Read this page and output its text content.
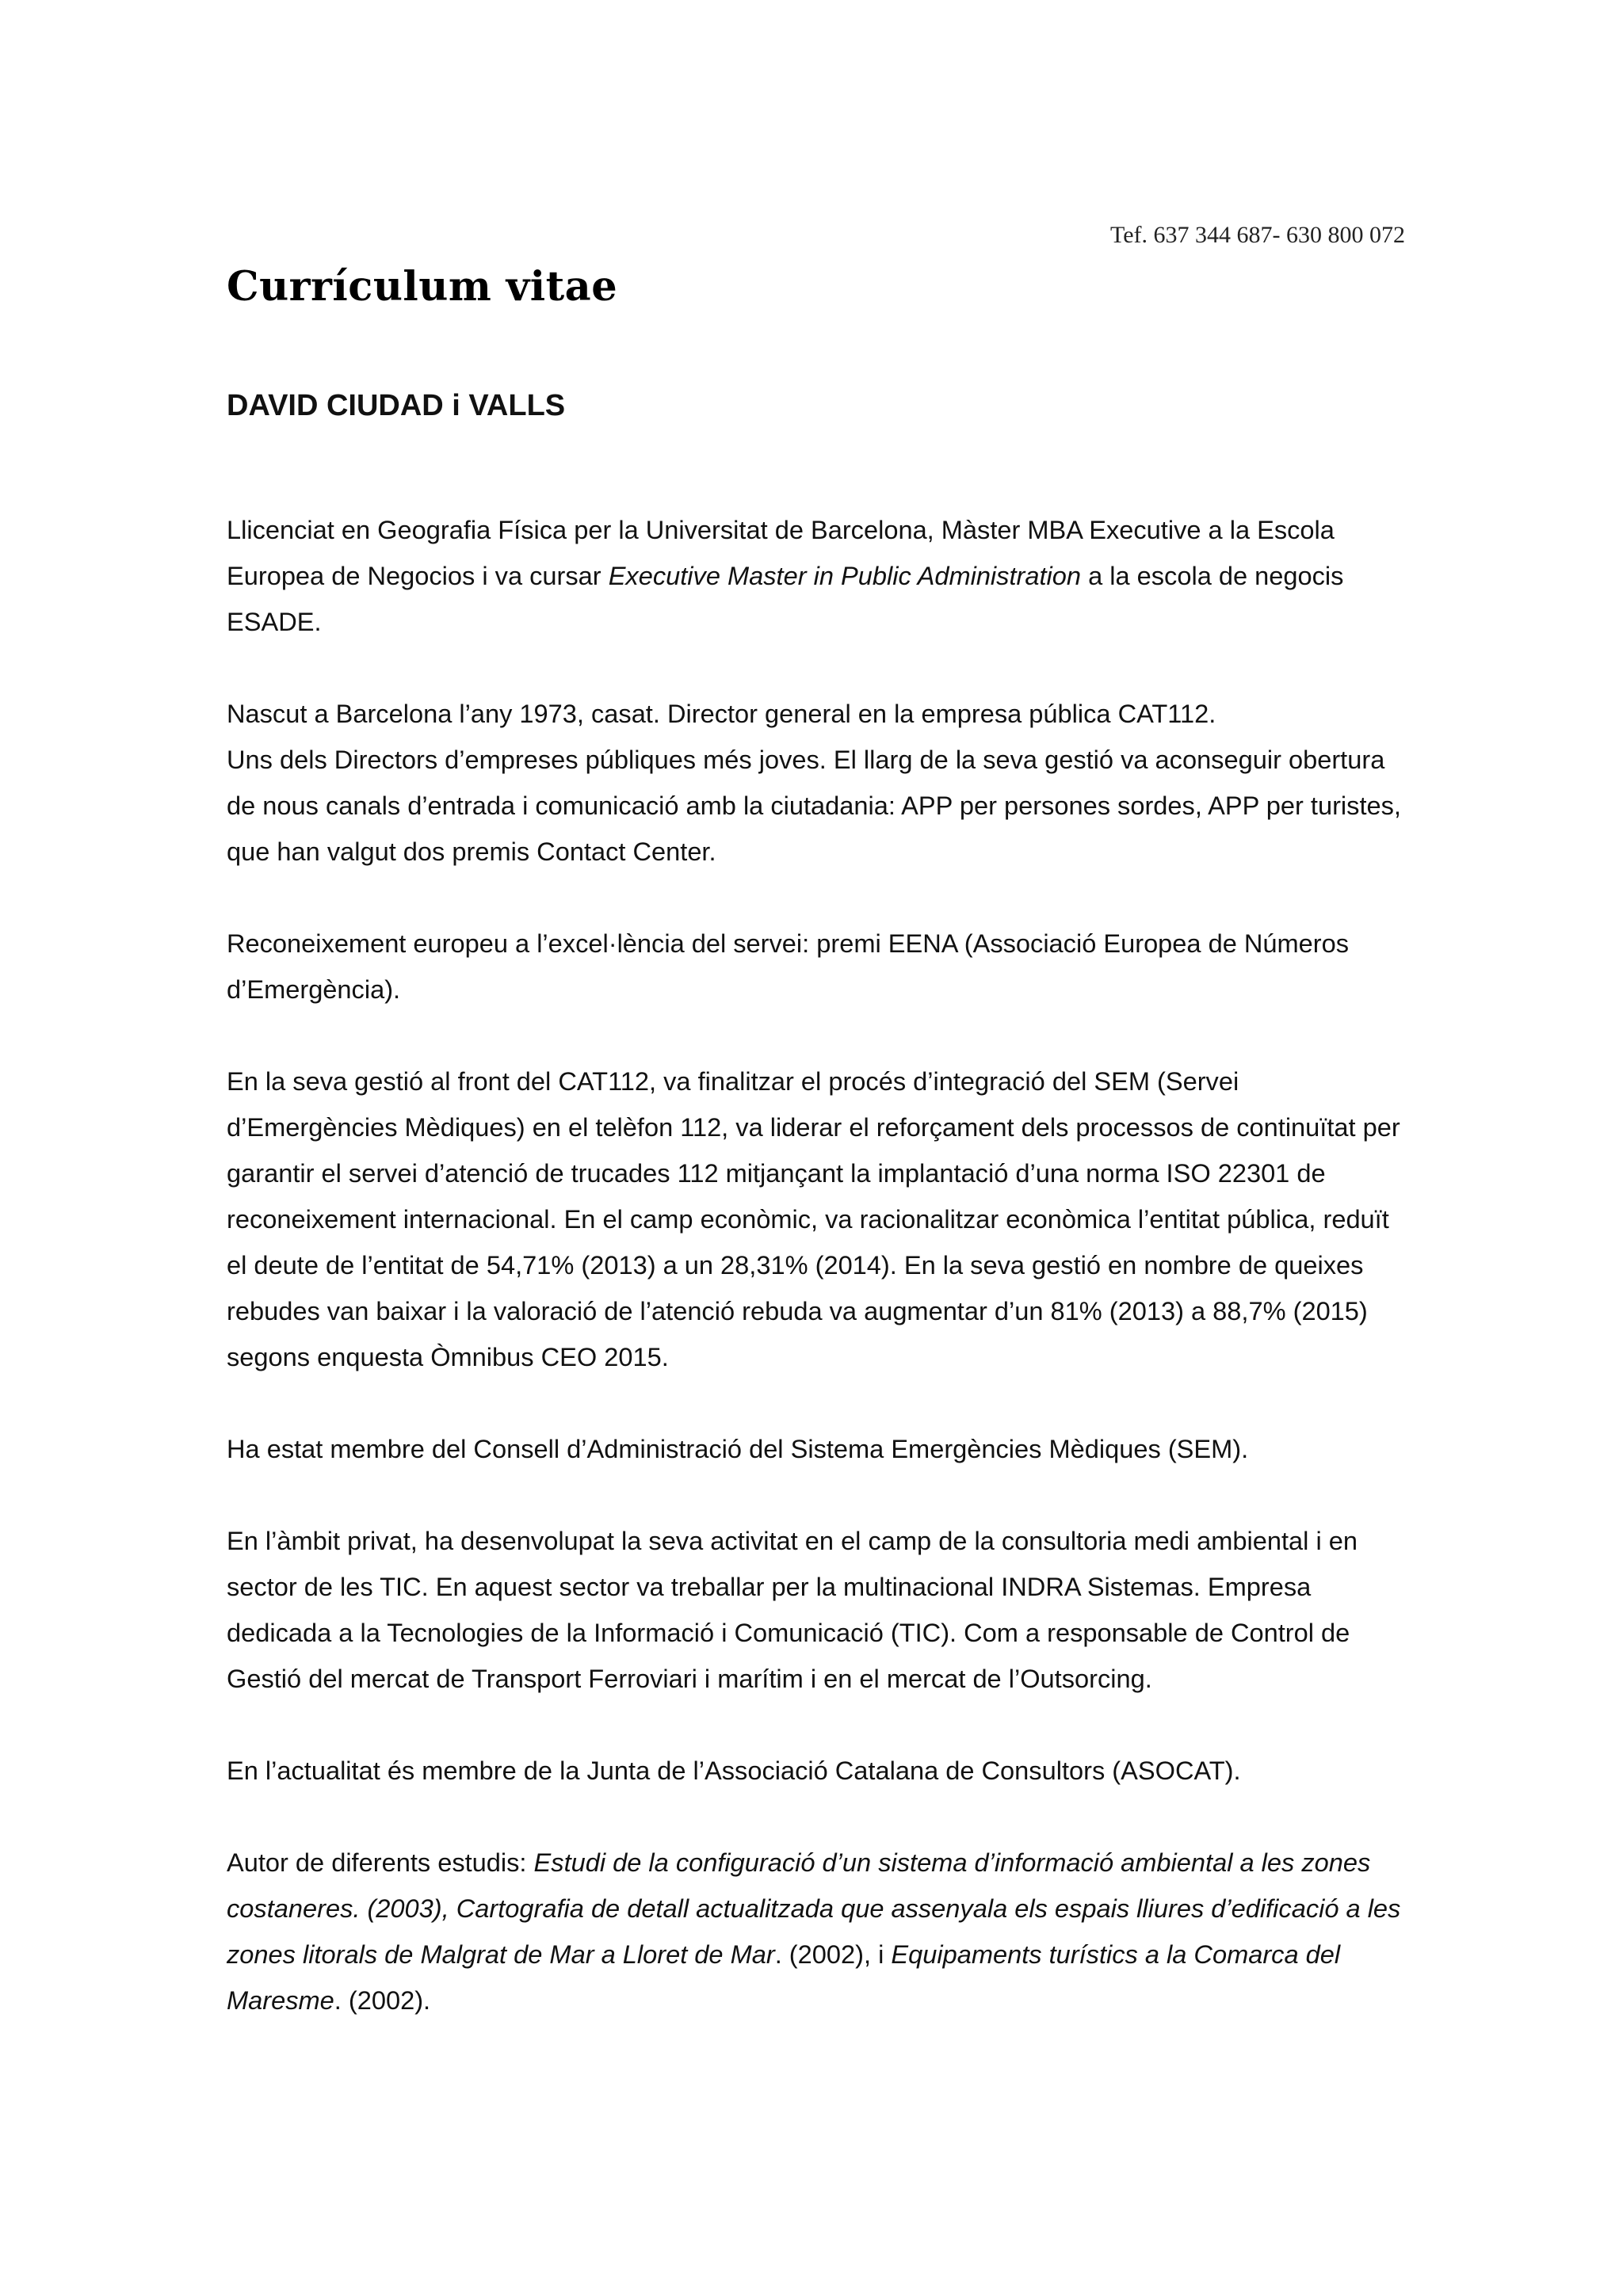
Tef. 637 344 687- 630 800 072
Currículum vitae
DAVID CIUDAD i VALLS

Llicenciat en Geografia Física per la Universitat de Barcelona, Màster MBA Executive a la Escola Europea de Negocios i va cursar Executive Master in Public Administration a la escola de negocis ESADE.

Nascut a Barcelona l’any 1973, casat. Director general en la empresa pública CAT112.

Uns dels Directors d’empreses públiques més joves. El llarg de la seva gestió va aconseguir obertura de nous canals d’entrada i comunicació amb la ciutadania: APP per persones sordes, APP per turistes, que han valgut dos premis Contact Center.

Reconeixement europeu a l’excel·lència del servei: premi EENA (Associació Europea de Números d’Emergència).

En la seva gestió al front del CAT112, va finalitzar el procés d’integració del SEM (Servei d’Emergències Mèdiques) en el telèfon 112, va liderar el reforçament dels processos de continuïtat per garantir el servei d’atenció de trucades 112 mitjançant la implantació d’una norma ISO 22301 de reconeixement internacional. En el camp econòmic, va racionalitzar econòmica l’entitat pública, reduït el deute de l’entitat de 54,71% (2013) a un 28,31% (2014). En la seva gestió en nombre de queixes rebudes van baixar i la valoració de l’atenció rebuda va augmentar d’un 81% (2013) a 88,7% (2015) segons enquesta Òmnibus CEO 2015.

Ha estat membre del Consell d’Administració del Sistema Emergències Mèdiques (SEM).

En l’àmbit privat, ha desenvolupat la seva activitat en el camp de la consultoria medi ambiental i en sector de les TIC. En aquest sector va treballar per la multinacional INDRA Sistemas. Empresa dedicada a la Tecnologies de la Informació i Comunicació (TIC). Com a responsable de Control de Gestió del mercat de Transport Ferroviari i marítim i en el mercat de l’Outsorcing.

En l’actualitat és membre de la Junta de l’Associació Catalana de Consultors (ASOCAT).

Autor de diferents estudis: Estudi de la configuració d’un sistema d’informació ambiental a les zones costaneres. (2003), Cartografia de detall actualitzada que assenyala els espais lliures d’edificació a les zones litorals de Malgrat de Mar a Lloret de Mar. (2002), i Equipaments turístics a la Comarca del Maresme. (2002).
